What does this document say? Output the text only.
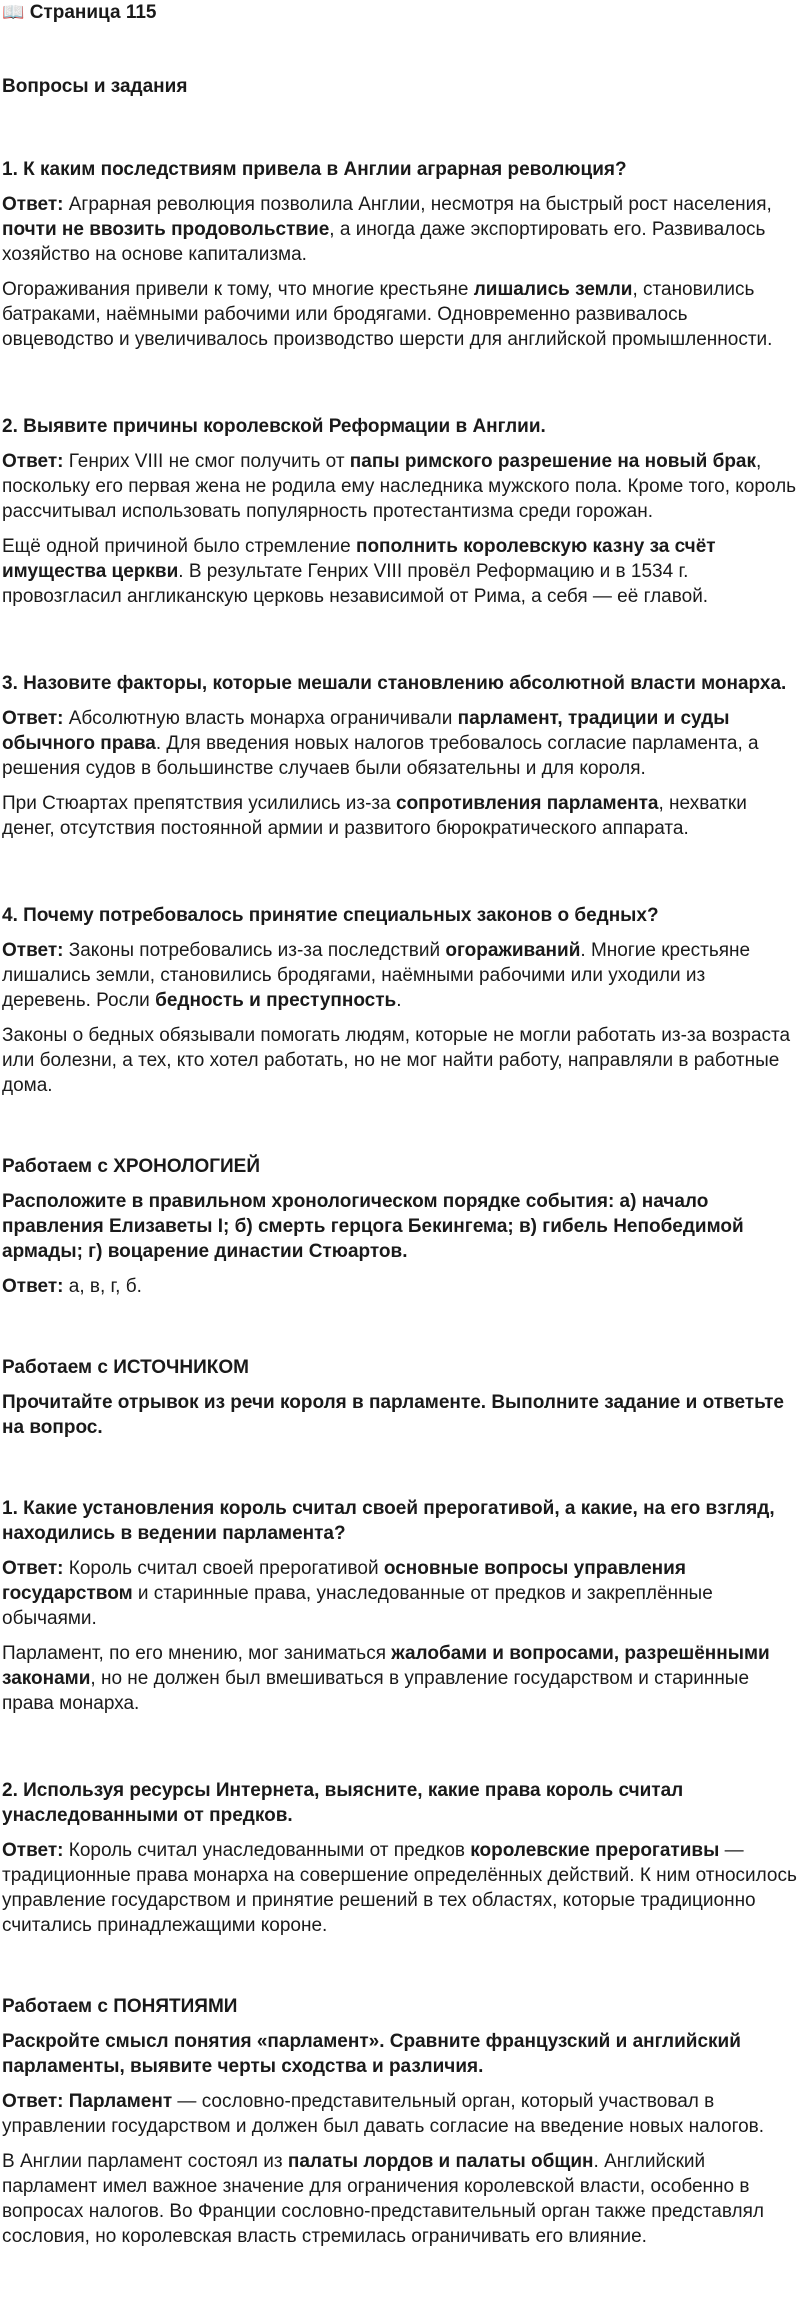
📖 Страница 115
Вопросы и задания
1. К каким последствиям привела в Англии аграрная революция?

Ответ: Аграрная революция позволила Англии, несмотря на быстрый рост населения, почти не ввозить продовольствие, а иногда даже экспортировать его. Развивалось хозяйство на основе капитализма.

Огораживания привели к тому, что многие крестьяне лишались земли, становились батраками, наёмными рабочими или бродягами. Одновременно развивалось овцеводство и увеличивалось производство шерсти для английской промышленности.

2. Выявите причины королевской Реформации в Англии.

Ответ: Генрих VIII не смог получить от папы римского разрешение на новый брак, поскольку его первая жена не родила ему наследника мужского пола. Кроме того, король рассчитывал использовать популярность протестантизма среди горожан.

Ещё одной причиной было стремление пополнить королевскую казну за счёт имущества церкви. В результате Генрих VIII провёл Реформацию и в 1534 г. провозгласил англиканскую церковь независимой от Рима, а себя — её главой.

3. Назовите факторы, которые мешали становлению абсолютной власти монарха.

Ответ: Абсолютную власть монарха ограничивали парламент, традиции и суды обычного права. Для введения новых налогов требовалось согласие парламента, а решения судов в большинстве случаев были обязательны и для короля.

При Стюартах препятствия усилились из-за сопротивления парламента, нехватки денег, отсутствия постоянной армии и развитого бюрократического аппарата.

4. Почему потребовалось принятие специальных законов о бедных?

Ответ: Законы потребовались из-за последствий огораживаний. Многие крестьяне лишались земли, становились бродягами, наёмными рабочими или уходили из деревень. Росли бедность и преступность.

Законы о бедных обязывали помогать людям, которые не могли работать из-за возраста или болезни, а тех, кто хотел работать, но не мог найти работу, направляли в работные дома.

Работаем с ХРОНОЛОГИЕЙ

Расположите в правильном хронологическом порядке события: а) начало правления Елизаветы I; б) смерть герцога Бекингема; в) гибель Непобедимой армады; г) воцарение династии Стюартов.

Ответ: а, в, г, б.

Работаем с ИСТОЧНИКОМ

Прочитайте отрывок из речи короля в парламенте. Выполните задание и ответьте на вопрос.

1. Какие установления король считал своей прерогативой, а какие, на его взгляд, находились в ведении парламента?

Ответ: Король считал своей прерогативой основные вопросы управления государством и старинные права, унаследованные от предков и закреплённые обычаями.

Парламент, по его мнению, мог заниматься жалобами и вопросами, разрешёнными законами, но не должен был вмешиваться в управление государством и старинные права монарха.

2. Используя ресурсы Интернета, выясните, какие права король считал унаследованными от предков.

Ответ: Король считал унаследованными от предков королевские прерогативы — традиционные права монарха на совершение определённых действий. К ним относилось управление государством и принятие решений в тех областях, которые традиционно считались принадлежащими короне.

Работаем с ПОНЯТИЯМИ

Раскройте смысл понятия «парламент». Сравните французский и английский парламенты, выявите черты сходства и различия.

Ответ: Парламент — сословно-представительный орган, который участвовал в управлении государством и должен был давать согласие на введение новых налогов.

В Англии парламент состоял из палаты лордов и палаты общин. Английский парламент имел важное значение для ограничения королевской власти, особенно в вопросах налогов. Во Франции сословно-представительный орган также представлял сословия, но королевская власть стремилась ограничивать его влияние.
